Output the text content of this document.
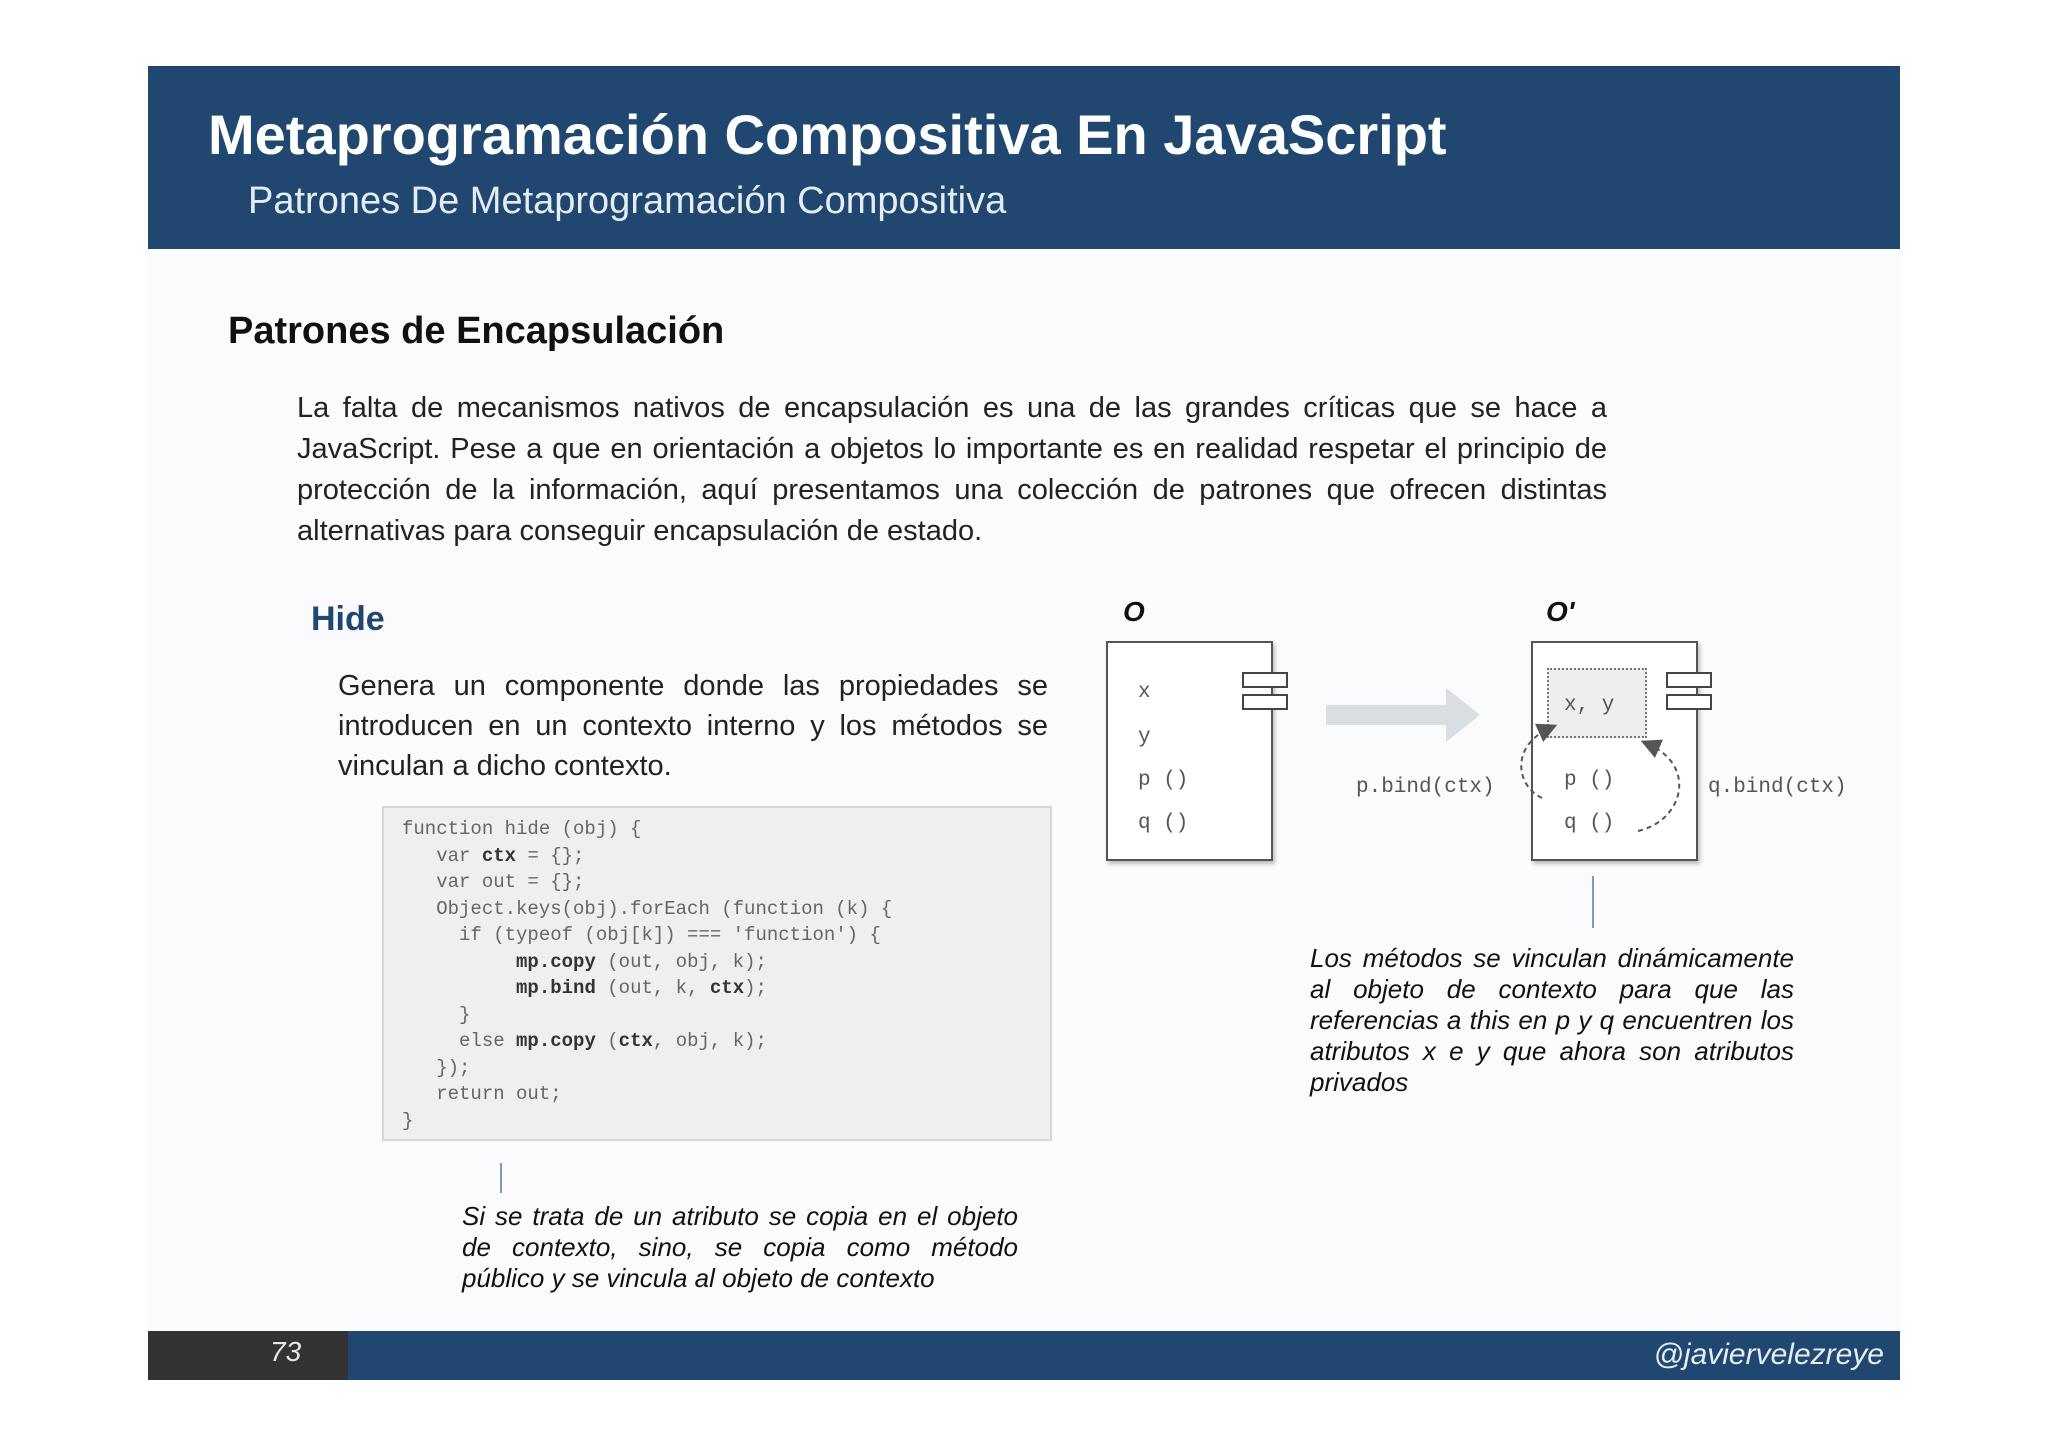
Metaprogramación Compositiva En JavaScript
Patrones De Metaprogramación Compositiva
Patrones de Encapsulación
La falta de mecanismos nativos de encapsulación es una de las grandes críticas que se hace a JavaScript. Pese a que en orientación a objetos lo importante es en realidad respetar el principio de protección de la información, aquí presentamos una colección de patrones que ofrecen distintas alternativas para conseguir encapsulación de estado.
Hide
Genera un componente donde las propiedades se introducen en un contexto interno y los métodos se vinculan a dicho contexto.
function hide (obj) {
var ctx = {};
var out = {};
Object.keys(obj).forEach (function (k) {
if (typeof (obj[k]) === 'function') {
mp.copy (out, obj, k);
mp.bind (out, k, ctx);
}
else mp.copy (ctx, obj, k);
});
return out;
}
Si se trata de un atributo se copia en el objeto de contexto, sino, se copia como método público y se vincula al objeto de contexto
O	O'
x
y
p ()
q ()
x, y
p ()
q ()
p.bind(ctx)	q.bind(ctx)
Los métodos se vinculan dinámicamente al objeto de contexto para que las referencias a this en p y q encuentren los atributos x e y que ahora son atributos privados
73	@javiervelezreye
